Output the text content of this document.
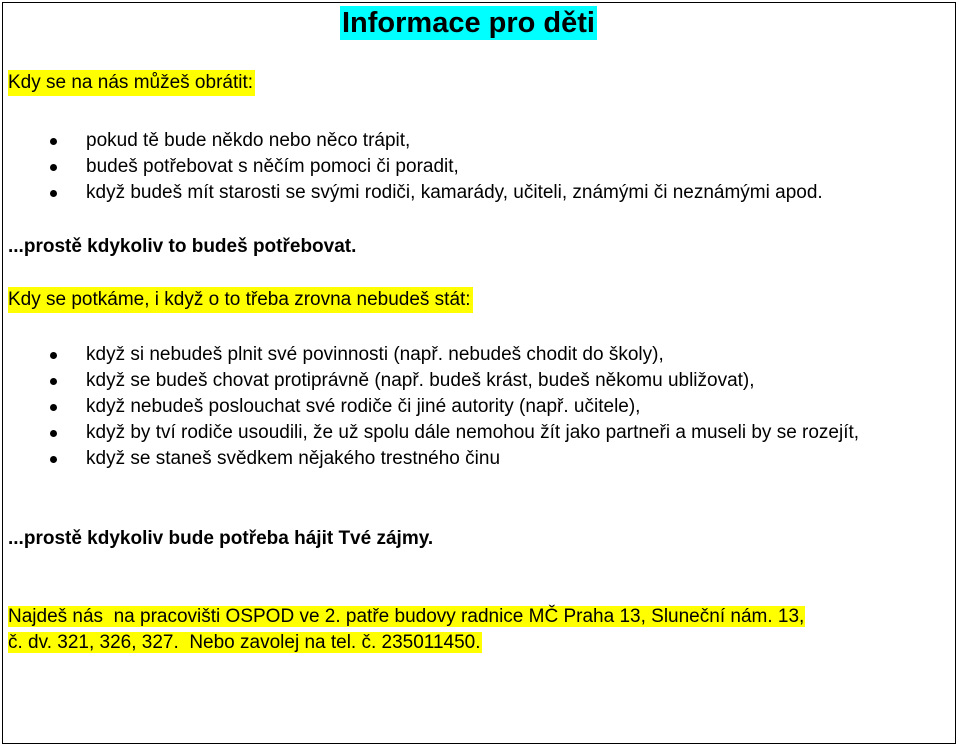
Informace pro děti
Kdy se na nás můžeš obrátit:
pokud tě bude někdo nebo něco trápit,
budeš potřebovat s něčím pomoci či poradit,
když budeš mít starosti se svými rodiči, kamarády, učiteli, známými či neznámými apod.
...prostě kdykoliv to budeš potřebovat.
Kdy se potkáme, i když o to třeba zrovna nebudeš stát:
když si nebudeš plnit své povinnosti (např. nebudeš chodit do školy),
když se budeš chovat protiprávně (např. budeš krást, budeš někomu ubližovat),
když nebudeš poslouchat své rodiče či jiné autority (např. učitele),
když by tví rodiče usoudili, že už spolu dále nemohou žít jako partneři a museli by se rozejít,
když se staneš svědkem nějakého trestného činu
...prostě kdykoliv bude potřeba hájit Tvé zájmy.
Najdeš nás  na pracovišti OSPOD ve 2. patře budovy radnice MČ Praha 13, Sluneční nám. 13,
č. dv. 321, 326, 327.  Nebo zavolej na tel. č. 235011450.
